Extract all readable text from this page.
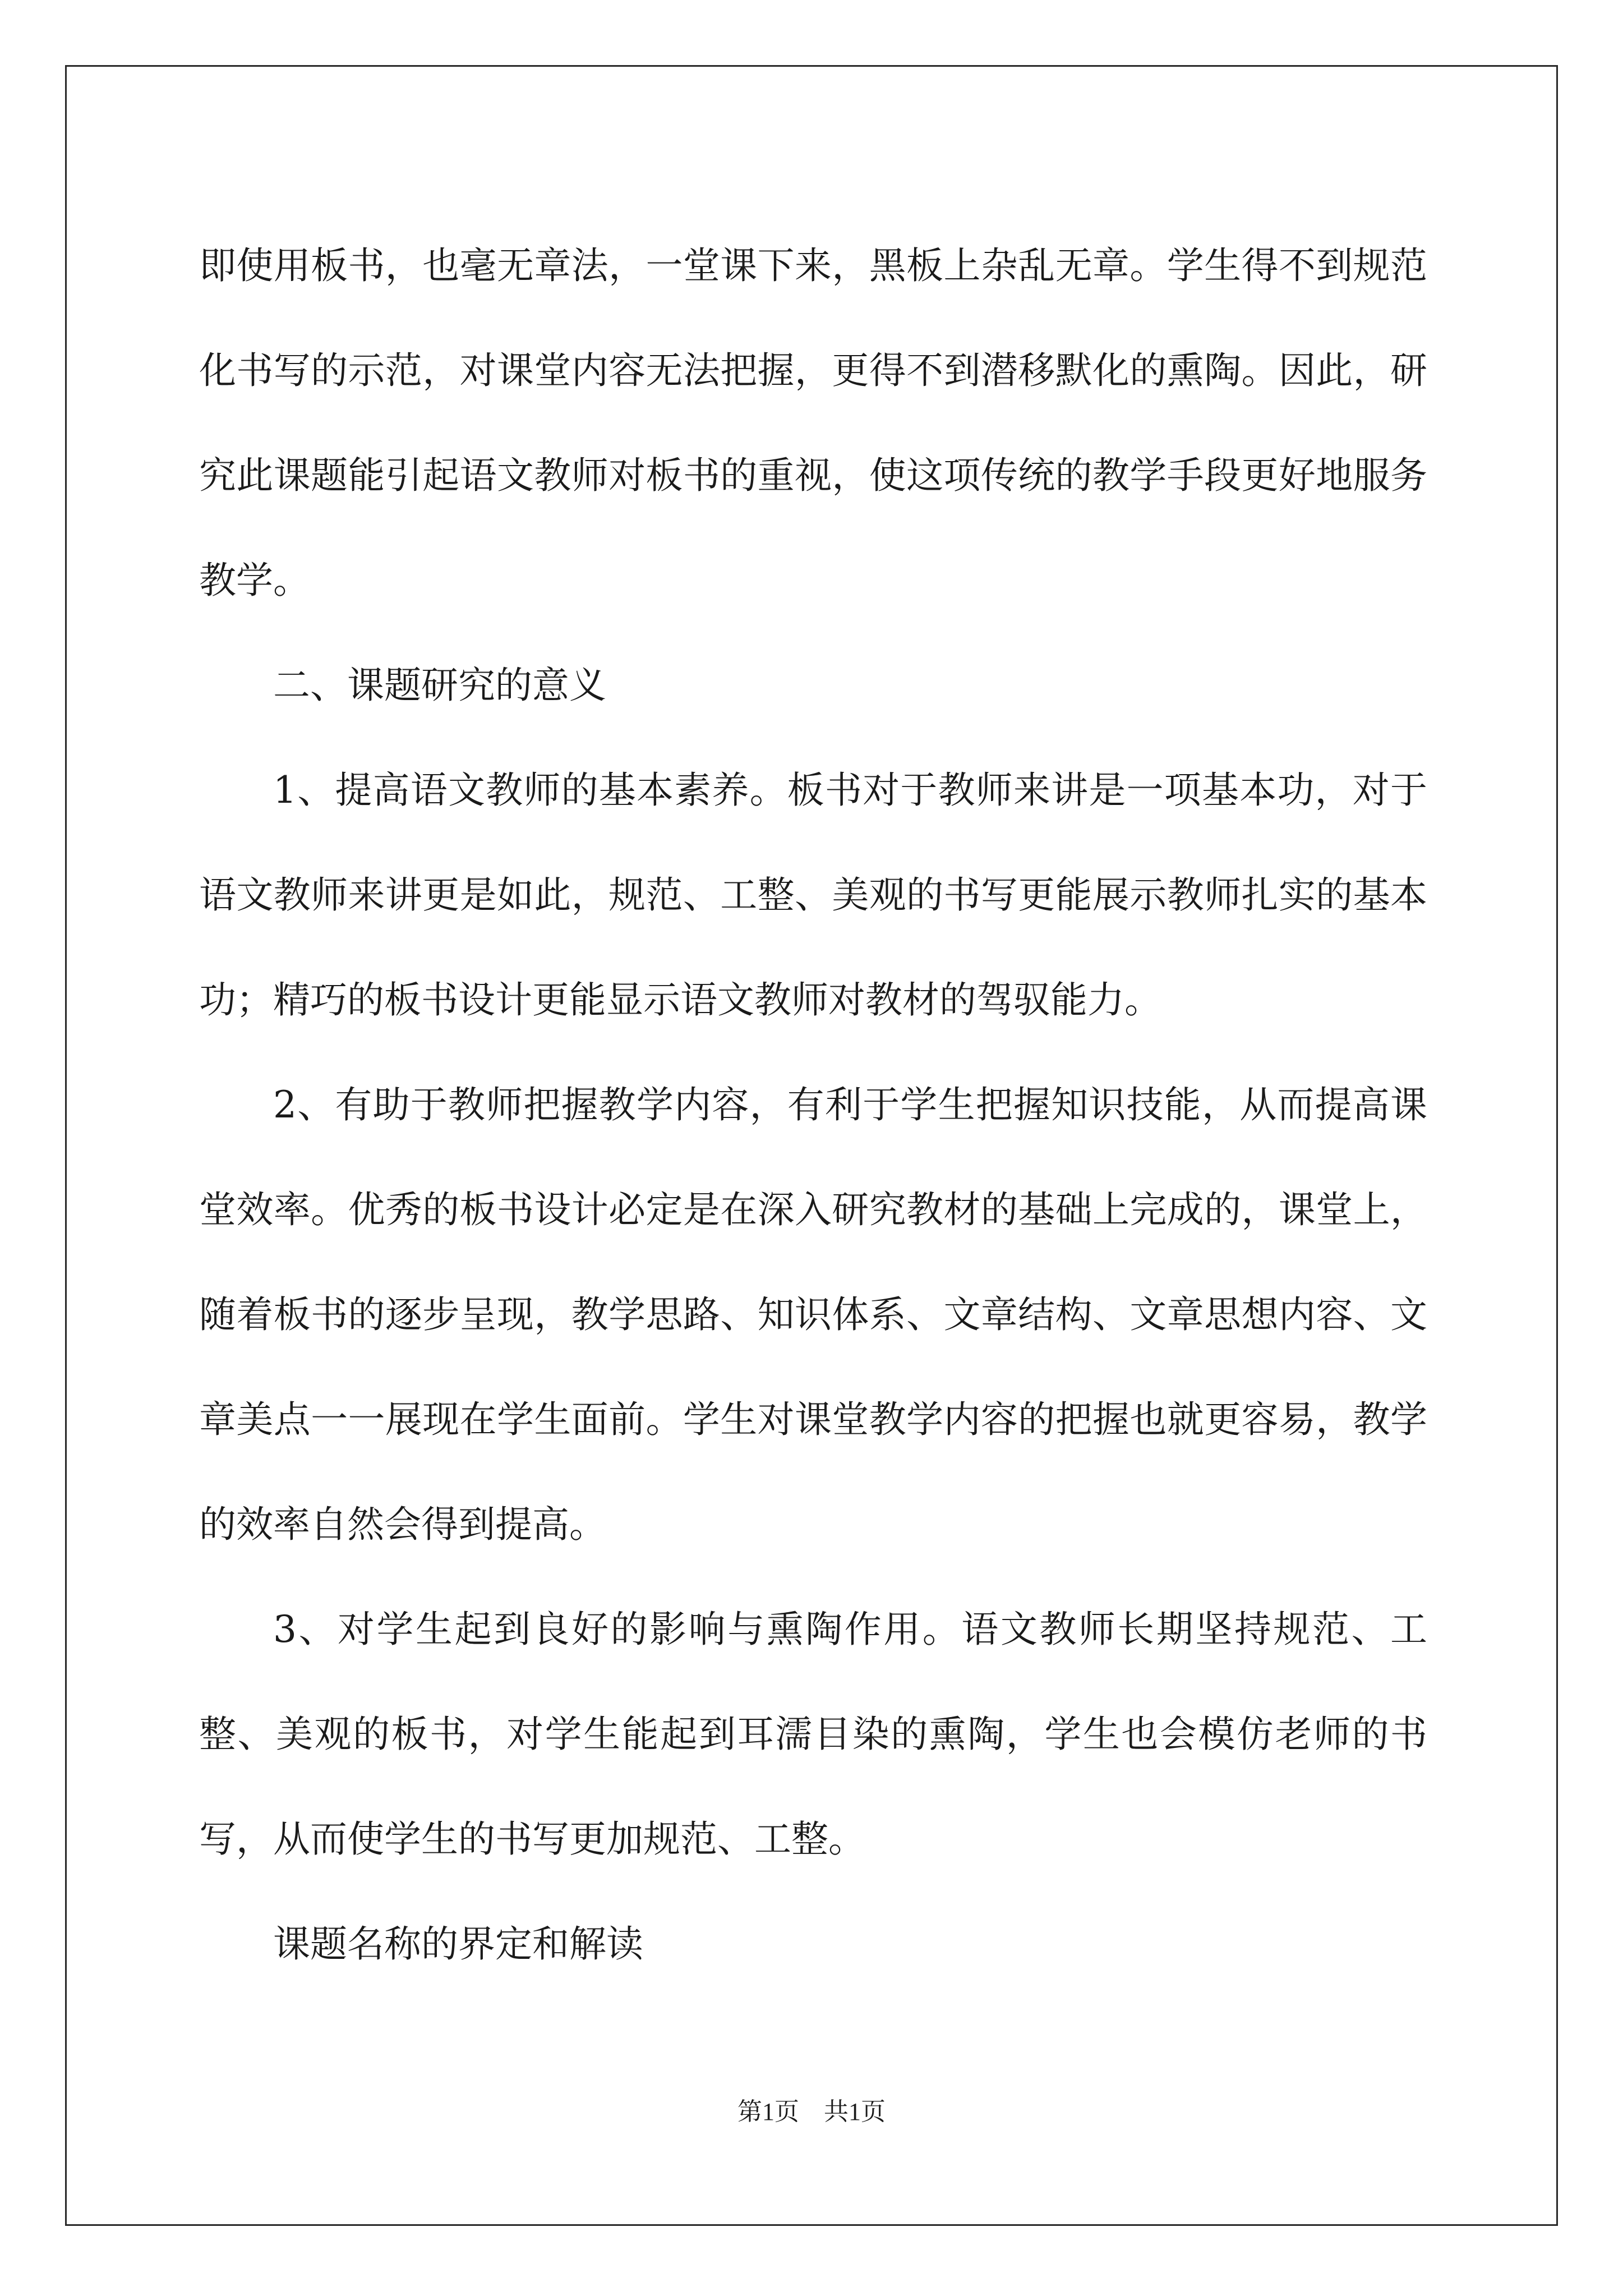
即使用板书，也毫无章法，一堂课下来，黑板上杂乱无章。学生得不到规范化书写的示范，对课堂内容无法把握，更得不到潜移默化的熏陶。因此，研究此课题能引起语文教师对板书的重视，使这项传统的教学手段更好地服务教学。

二、课题研究的意义

1、提高语文教师的基本素养。板书对于教师来讲是一项基本功，对于语文教师来讲更是如此，规范、工整、美观的书写更能展示教师扎实的基本功；精巧的板书设计更能显示语文教师对教材的驾驭能力。

2、有助于教师把握教学内容，有利于学生把握知识技能，从而提高课堂效率。优秀的板书设计必定是在深入研究教材的基础上完成的，课堂上，随着板书的逐步呈现，教学思路、知识体系、文章结构、文章思想内容、文章美点一一展现在学生面前。学生对课堂教学内容的把握也就更容易，教学的效率自然会得到提高。

3、对学生起到良好的影响与熏陶作用。语文教师长期坚持规范、工整、美观的板书，对学生能起到耳濡目染的熏陶，学生也会模仿老师的书写，从而使学生的书写更加规范、工整。

课题名称的界定和解读

第1页 共1页
